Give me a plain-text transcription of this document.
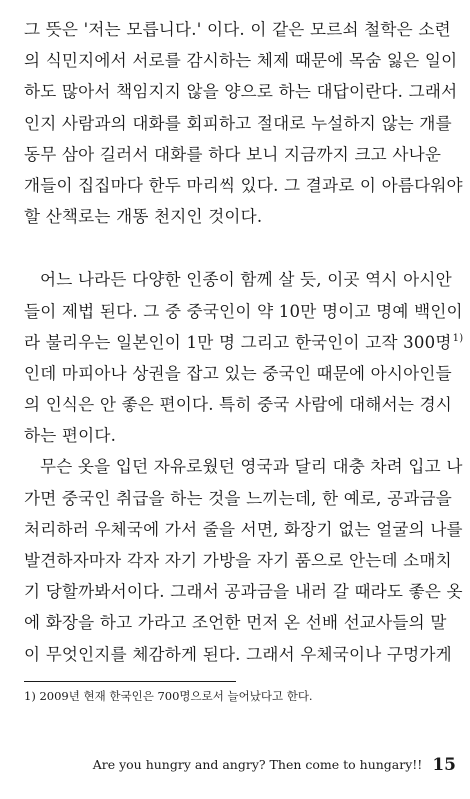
그 뜻은 '저는 모릅니다.' 이다. 이 같은 모르쇠 철학은 소련
의 식민지에서 서로를 감시하는 체제 때문에 목숨 잃은 일이
하도 많아서 책임지지 않을 양으로 하는 대답이란다. 그래서
인지 사람과의 대화를 회피하고 절대로 누설하지 않는 개를
동무 삼아 길러서 대화를 하다 보니 지금까지 크고 사나운
개들이 집집마다 한두 마리씩 있다. 그 결과로 이 아름다워야
할 산책로는 개똥 천지인 것이다.
어느 나라든 다양한 인종이 함께 살 듯, 이곳 역시 아시안
들이 제법 된다. 그 중 중국인이 약 10만 명이고 명예 백인이
라 불리우는 일본인이 1만 명 그리고 한국인이 고작 300명$^{1)}$
인데 마피아나 상권을 잡고 있는 중국인 때문에 아시아인들
의 인식은 안 좋은 편이다. 특히 중국 사람에 대해서는 경시
하는 편이다.
무슨 옷을 입던 자유로웠던 영국과 달리 대충 차려 입고 나
가면 중국인 취급을 하는 것을 느끼는데, 한 예로, 공과금을
처리하러 우체국에 가서 줄을 서면, 화장기 없는 얼굴의 나를
발견하자마자 각자 자기 가방을 자기 품으로 안는데 소매치
기 당할까봐서이다. 그래서 공과금을 내러 갈 때라도 좋은 옷
에 화장을 하고 가라고 조언한 먼저 온 선배 선교사들의 말
이 무엇인지를 체감하게 된다. 그래서 우체국이나 구멍가게
1) 2009년 현재 한국인은 700명으로서 늘어났다고 한다.
Are you hungry and angry? Then come to hungary!! 15
